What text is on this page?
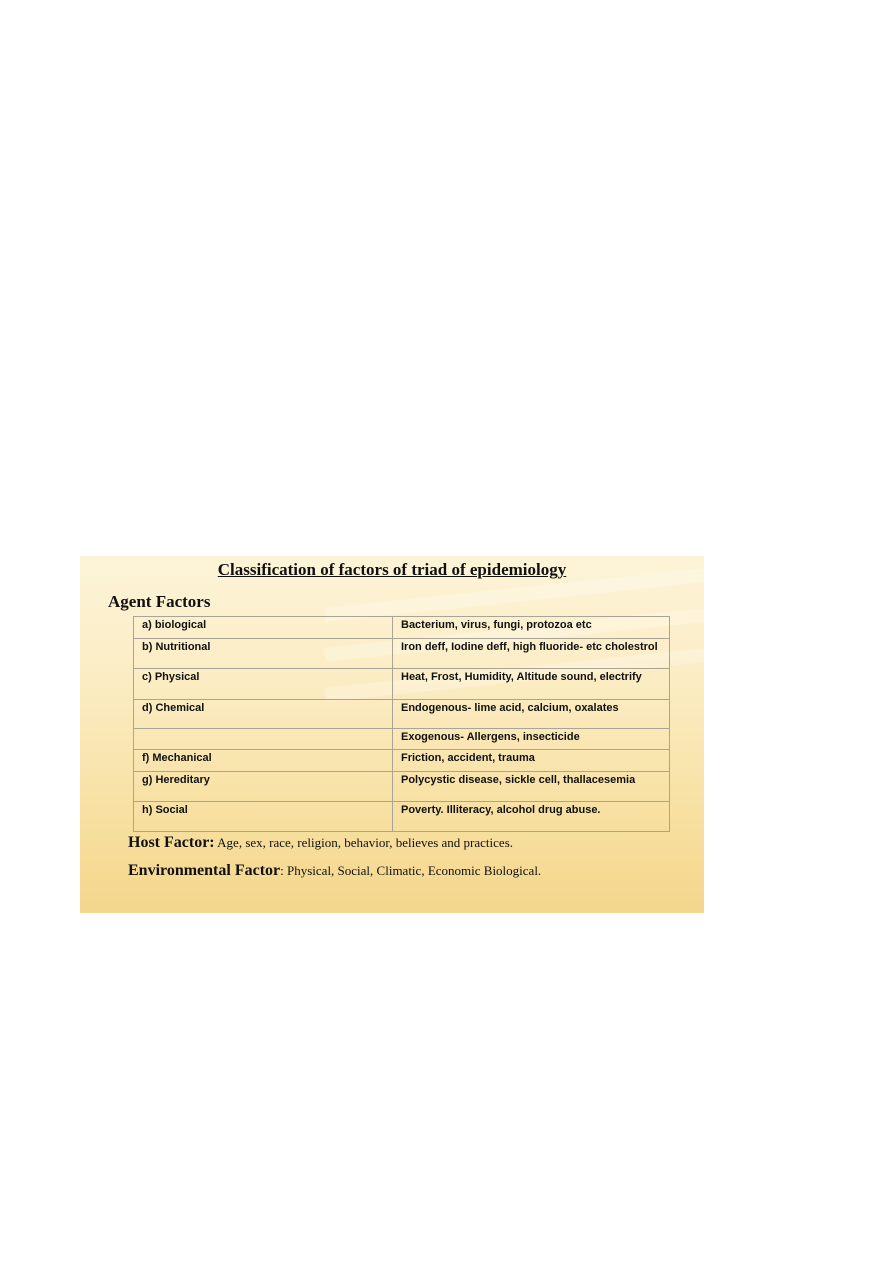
Classification of factors of triad of epidemiology
Agent Factors
a) biological	Bacterium, virus, fungi, protozoa etc
b) Nutritional	Iron deff, Iodine deff, high fluoride- etc cholestrol
c) Physical	Heat, Frost, Humidity, Altitude sound, electrify
d) Chemical	Endogenous- lime acid, calcium, oxalates
	Exogenous- Allergens, insecticide
f) Mechanical	Friction, accident, trauma
g) Hereditary	Polycystic disease, sickle cell, thallacesemia
h) Social	Poverty. Illiteracy, alcohol drug abuse.

Host Factor: Age, sex, race, religion, behavior, believes and practices.

Environmental Factor: Physical, Social, Climatic, Economic Biological.
